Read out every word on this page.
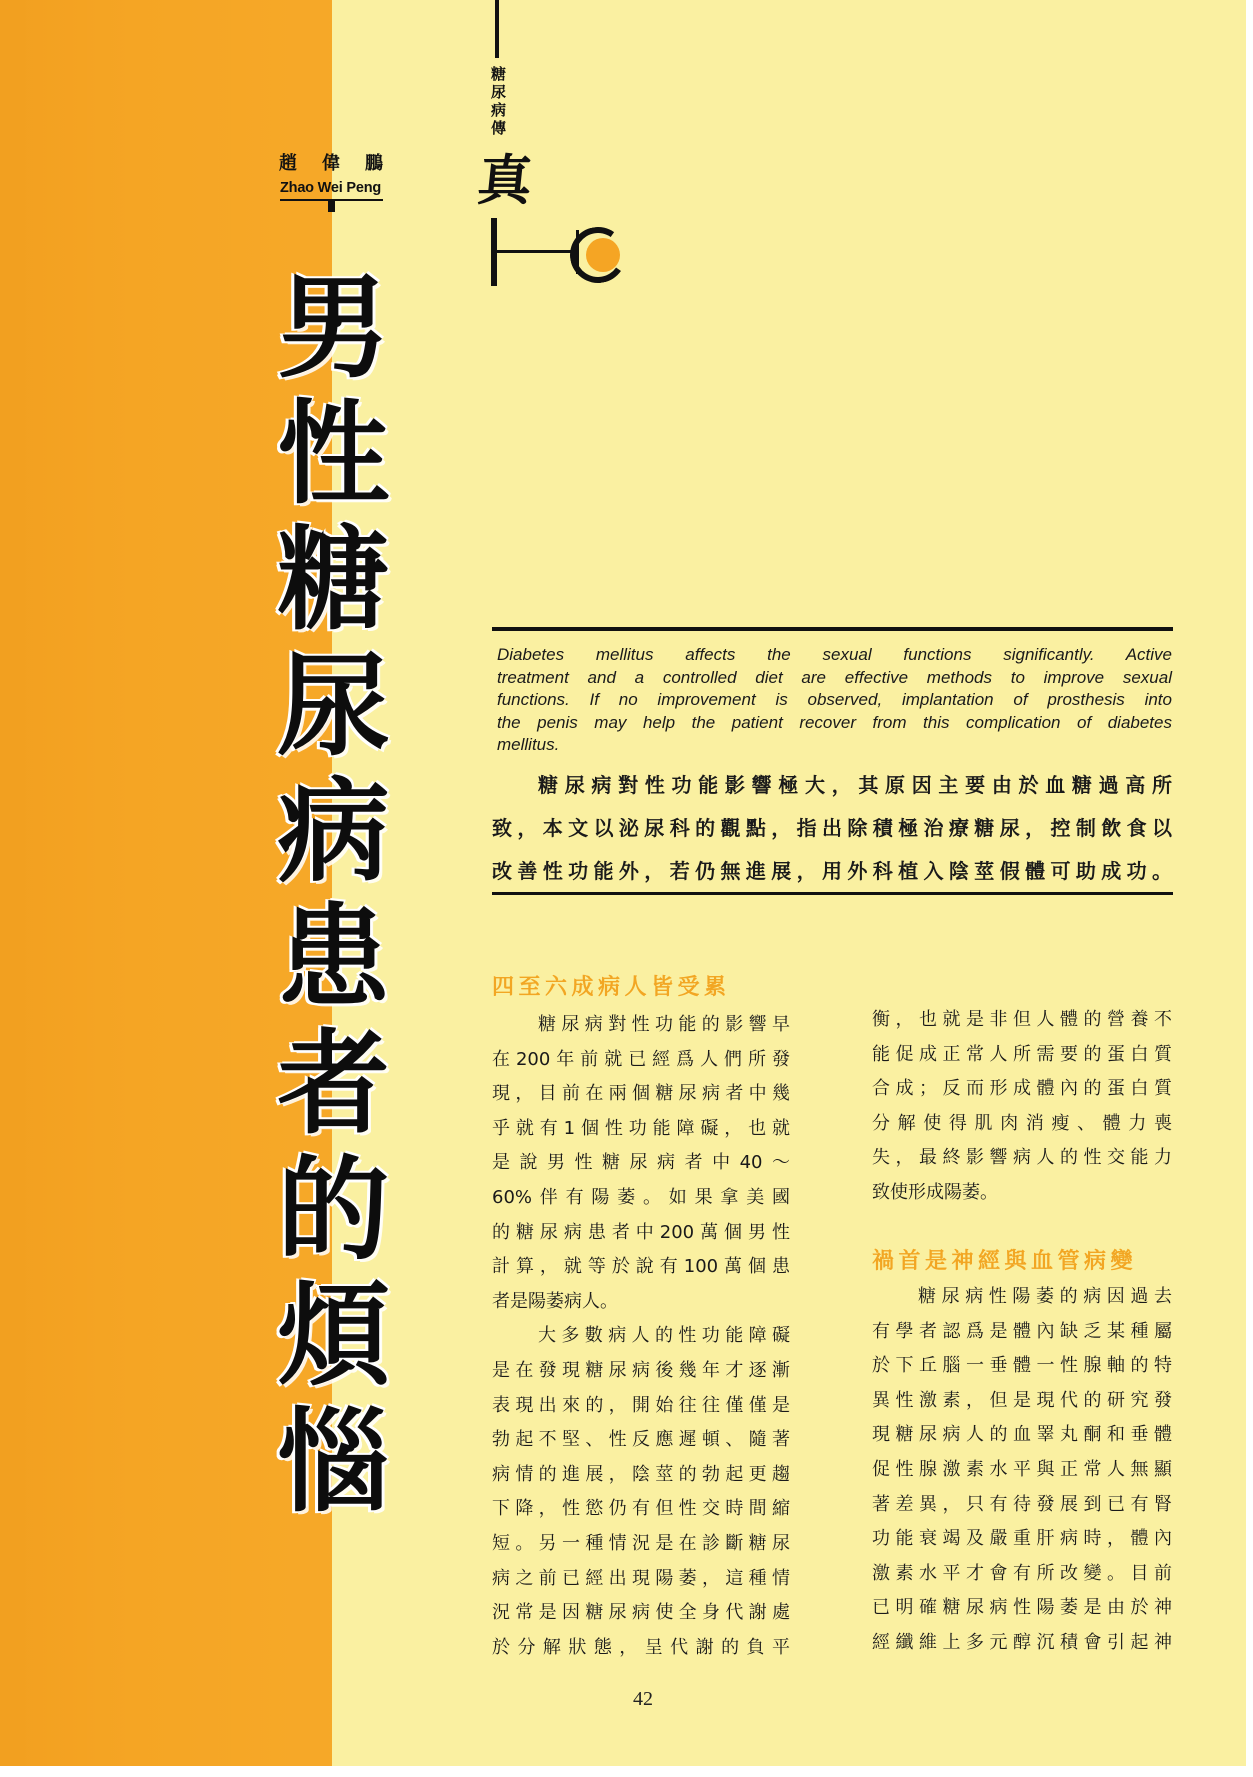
趙 偉 鵬
Zhao Wei Peng
男性糖尿病患者的煩惱
糖尿病傳
真
Diabetes mellitus affects the sexual functions significantly. Active
treatment and a controlled diet are effective methods to improve sexual
functions. If no improvement is observed, implantation of prosthesis into
the penis may help the patient recover from this complication of diabetes
mellitus.
糖尿病對性功能影響極大，其原因主要由於血糖過高所
致，本文以泌尿科的觀點，指出除積極治療糖尿，控制飲食以
改善性功能外，若仍無進展，用外科植入陰莖假體可助成功。
四至六成病人皆受累
糖尿病對性功能的影響早
在200年前就已經爲人們所發
現，目前在兩個糖尿病者中幾
乎就有1個性功能障礙，也就
是說男性糖尿病者中40～
60%伴有陽萎。如果拿美國
的糖尿病患者中200萬個男性
計算，就等於說有100萬個患
者是陽萎病人。
大多數病人的性功能障礙
是在發現糖尿病後幾年才逐漸
表現出來的，開始往往僅僅是
勃起不堅、性反應遲頓、隨著
病情的進展，陰莖的勃起更趨
下降，性慾仍有但性交時間縮
短。另一種情況是在診斷糖尿
病之前已經出現陽萎，這種情
況常是因糖尿病使全身代謝處
於分解狀態，呈代謝的負平
衡，也就是非但人體的營養不
能促成正常人所需要的蛋白質
合成；反而形成體內的蛋白質
分解使得肌肉消瘦、體力喪
失，最終影響病人的性交能力
致使形成陽萎。
禍首是神經與血管病變
糖尿病性陽萎的病因過去
有學者認爲是體內缺乏某種屬
於下丘腦一垂體一性腺軸的特
異性激素，但是現代的研究發
現糖尿病人的血睪丸酮和垂體
促性腺激素水平與正常人無顯
著差異，只有待發展到已有腎
功能衰竭及嚴重肝病時，體內
激素水平才會有所改變。目前
已明確糖尿病性陽萎是由於神
經纖維上多元醇沉積會引起神
42
